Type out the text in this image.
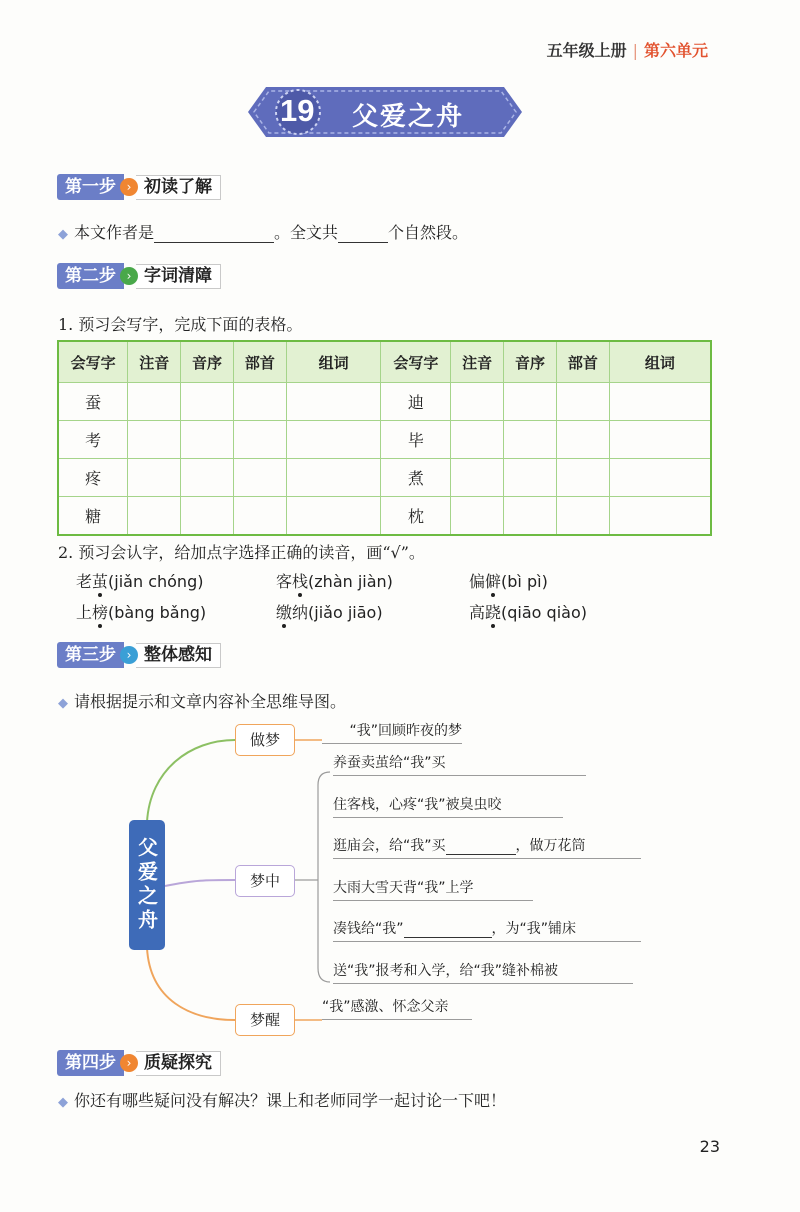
五年级上册 | 第六单元
19 父爱之舟
第一步 › 初读了解
◆ 本文作者是	。全文共	个自然段。
第二步 › 字词清障
1. 预习会写字，完成下面的表格。
会写字	注音	音序	部首	组词	会写字	注音	音序	部首	组词
蚕					迪				
考					毕				
疼					煮				
糖					枕				
2. 预习会认字，给加点字选择正确的读音，画“√”。
老茧(jiǎn chóng)	客栈(zhàn jiàn)	偏僻(bì pì)
上榜(bàng bǎng)	缴纳(jiǎo jiāo)	高跷(qiāo qiào)
第三步 › 整体感知
◆ 请根据提示和文章内容补全思维导图。
父爱之舟
做梦	“我”回顾昨夜的梦
梦中
养蚕卖茧给“我”买
住客栈，心疼“我”被臭虫咬
逛庙会，给“我”买	，做万花筒
大雨大雪天背“我”上学
凑钱给“我”	，为“我”铺床
送“我”报考和入学，给“我”缝补棉被
梦醒
“我”感激、怀念父亲
第四步 › 质疑探究
◆ 你还有哪些疑问没有解决？课上和老师同学一起讨论一下吧！
23
